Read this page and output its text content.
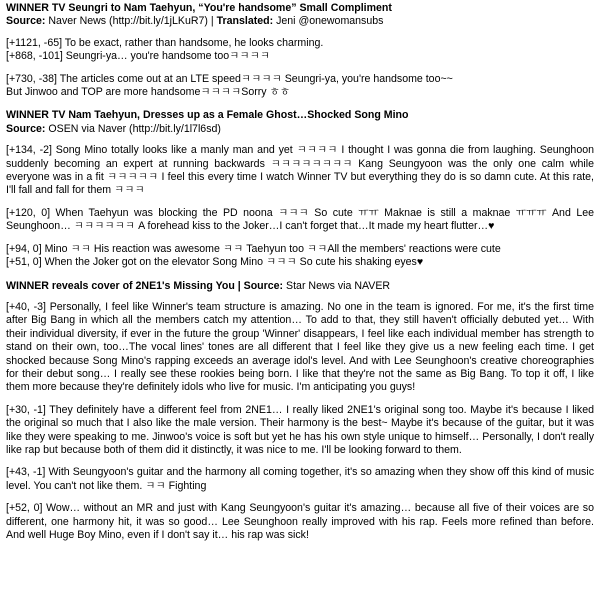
WINNER TV Seungri to Nam Taehyun, “You're handsome” Small Compliment
Source: Naver News (http://bit.ly/1jLKuR7) | Translated: Jeni @onewomansubs

[+1121, -65] To be exact, rather than handsome, he looks charming.

[+868, -101] Seungri-ya… you're handsome tooㅋㅋㅋㅋ

[+730, -38] The articles come out at an LTE speedㅋㅋㅋㅋ Seungri-ya, you're handsome too~~

But Jinwoo and TOP are more handsomeㅋㅋㅋㅋSorry ㅎㅎ

WINNER TV Nam Taehyun, Dresses up as a Female Ghost…Shocked Song Mino
Source: OSEN via Naver (http://bit.ly/1l7l6sd)

[+134, -2] Song Mino totally looks like a manly man and yet ㅋㅋㅋㅋ I thought I was gonna die from laughing. Seunghoon suddenly becoming an expert at running backwards ㅋㅋㅋㅋㅋㅋㅋㅋ Kang Seungyoon was the only one calm while everyone was in a fit ㅋㅋㅋㅋㅋ I feel this every time I watch Winner TV but everything they do is so damn cute. At this rate, I'll fall and fall for them ㅋㅋㅋ

[+120, 0] When Taehyun was blocking the PD noona ㅋㅋㅋ So cute ㅠㅠ Maknae is still a maknae ㅠㅠㅠ And Lee Seunghoon… ㅋㅋㅋㅋㅋㅋ A forehead kiss to the Joker…I can't forget that…It made my heart flutter…♥

[+94, 0] Mino ㅋㅋ His reaction was awesome ㅋㅋ Taehyun too ㅋㅋAll the members' reactions were cute

[+51, 0] When the Joker got on the elevator Song Mino ㅋㅋㅋ So cute his shaking eyes♥

WINNER reveals cover of 2NE1's Missing You | Source: Star News via NAVER

[+40, -3] Personally, I feel like Winner's team structure is amazing. No one in the team is ignored. For me, it's the first time after Big Bang in which all the members catch my attention… To add to that, they still haven't officially debuted yet… With their individual diversity, if ever in the future the group 'Winner' disappears, I feel like each individual member has strength to stand on their own, too…The vocal lines' tones are all different that I feel like they give us a new feeling each time. I get shocked because Song Mino's rapping exceeds an average idol's level. And with Lee Seunghoon's creative choreographies for their debut song… I really see these rookies being born. I like that they're not the same as Big Bang. To top it off, I like them more because they're definitely idols who live for music. I'm anticipating you guys!

[+30, -1] They definitely have a different feel from 2NE1… I really liked 2NE1's original song too. Maybe it's because I liked the original so much that I also like the male version. Their harmony is the best~ Maybe it's because of the guitar, but it was like they were speaking to me. Jinwoo's voice is soft but yet he has his own style unique to himself… Personally, I don't really like rap but because both of them did it distinctly, it was nice to me. I'll be looking forward to them.

[+43, -1] With Seungyoon's guitar and the harmony all coming together, it's so amazing when they show off this kind of music level. You can't not like them. ㅋㅋ Fighting

[+52, 0] Wow… without an MR and just with Kang Seungyoon's guitar it's amazing… because all five of their voices are so different, one harmony hit, it was so good… Lee Seunghoon really improved with his rap. Feels more refined than before. And well Huge Boy Mino, even if I don't say it… his rap was sick!
